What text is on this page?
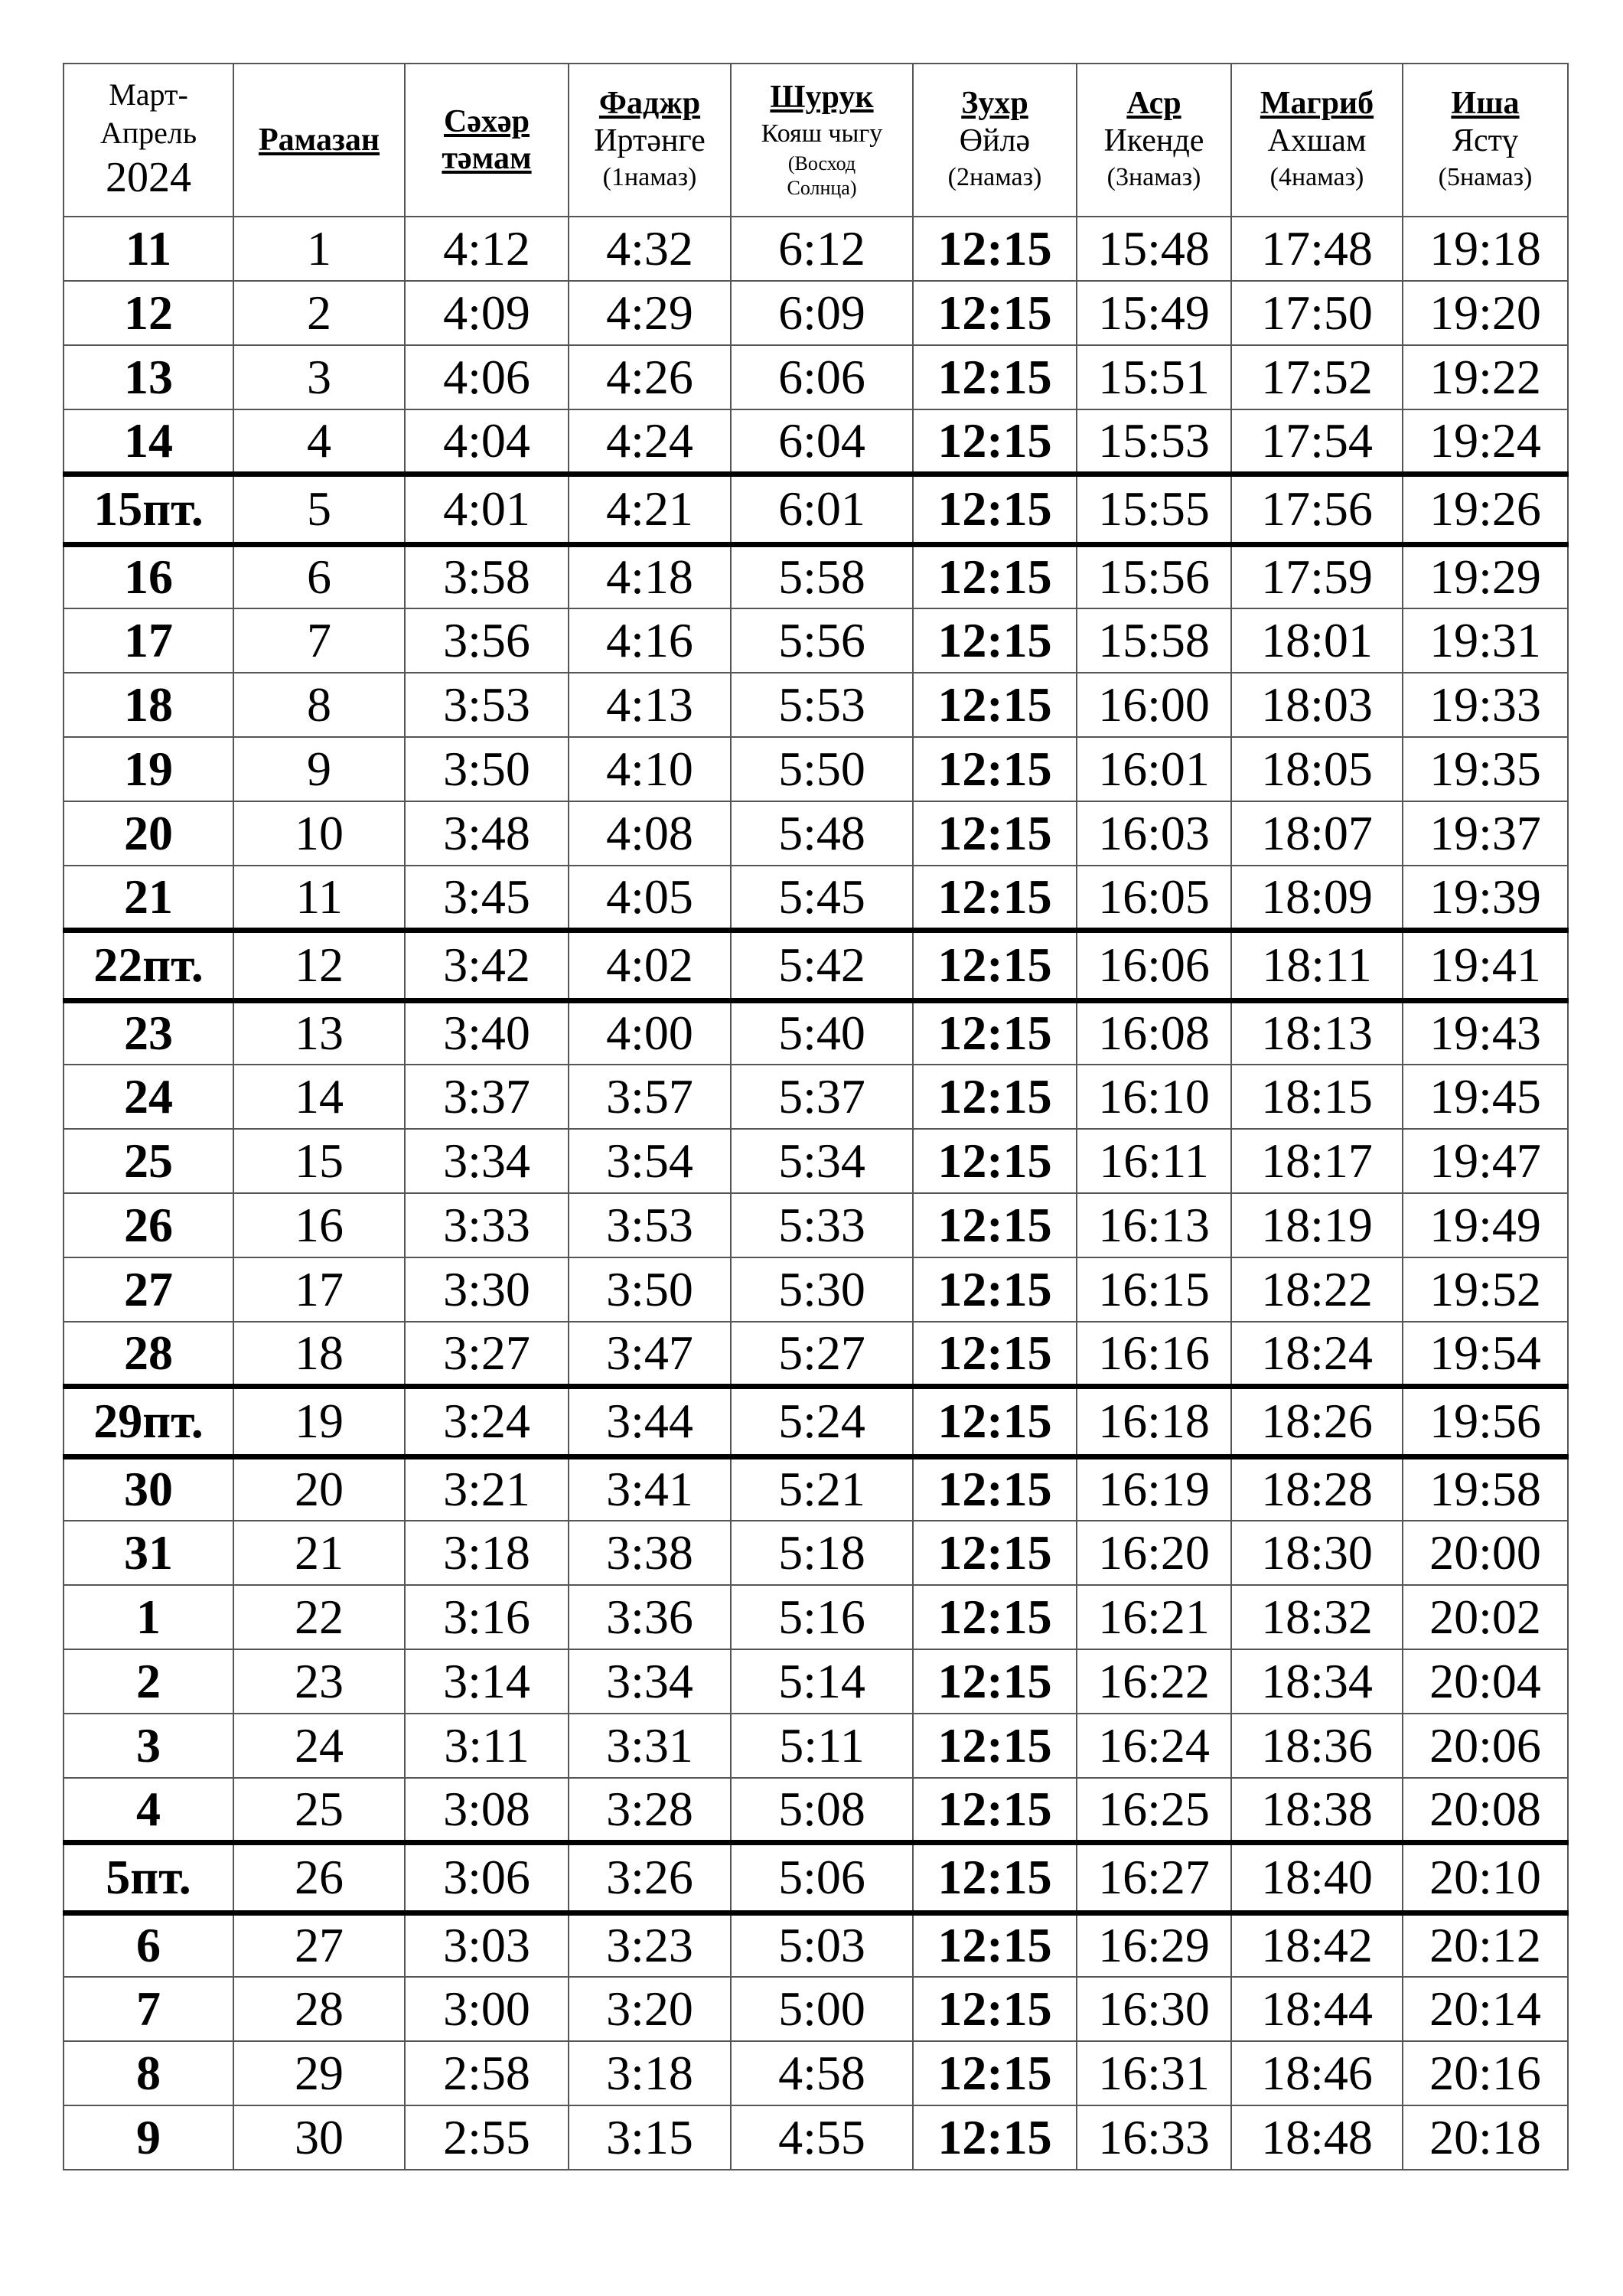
Март-
Апрель
2024	Рамазан	Сәхәр
тәмам	Фаджр
Иртәнге
(1намаз)	Шурук
Кояш чыгу
(Восход
Солнца)	Зухр
Өйлә
(2намаз)	Аср
Икенде
(3намаз)	Магриб
Ахшам
(4намаз)	Иша
Ястү
(5намаз)

11	1	4:12	4:32	6:12	12:15	15:48	17:48	19:18
12	2	4:09	4:29	6:09	12:15	15:49	17:50	19:20
13	3	4:06	4:26	6:06	12:15	15:51	17:52	19:22
14	4	4:04	4:24	6:04	12:15	15:53	17:54	19:24
15пт.	5	4:01	4:21	6:01	12:15	15:55	17:56	19:26
16	6	3:58	4:18	5:58	12:15	15:56	17:59	19:29
17	7	3:56	4:16	5:56	12:15	15:58	18:01	19:31
18	8	3:53	4:13	5:53	12:15	16:00	18:03	19:33
19	9	3:50	4:10	5:50	12:15	16:01	18:05	19:35
20	10	3:48	4:08	5:48	12:15	16:03	18:07	19:37
21	11	3:45	4:05	5:45	12:15	16:05	18:09	19:39
22пт.	12	3:42	4:02	5:42	12:15	16:06	18:11	19:41
23	13	3:40	4:00	5:40	12:15	16:08	18:13	19:43
24	14	3:37	3:57	5:37	12:15	16:10	18:15	19:45
25	15	3:34	3:54	5:34	12:15	16:11	18:17	19:47
26	16	3:33	3:53	5:33	12:15	16:13	18:19	19:49
27	17	3:30	3:50	5:30	12:15	16:15	18:22	19:52
28	18	3:27	3:47	5:27	12:15	16:16	18:24	19:54
29пт.	19	3:24	3:44	5:24	12:15	16:18	18:26	19:56
30	20	3:21	3:41	5:21	12:15	16:19	18:28	19:58
31	21	3:18	3:38	5:18	12:15	16:20	18:30	20:00
1	22	3:16	3:36	5:16	12:15	16:21	18:32	20:02
2	23	3:14	3:34	5:14	12:15	16:22	18:34	20:04
3	24	3:11	3:31	5:11	12:15	16:24	18:36	20:06
4	25	3:08	3:28	5:08	12:15	16:25	18:38	20:08
5пт.	26	3:06	3:26	5:06	12:15	16:27	18:40	20:10
6	27	3:03	3:23	5:03	12:15	16:29	18:42	20:12
7	28	3:00	3:20	5:00	12:15	16:30	18:44	20:14
8	29	2:58	3:18	4:58	12:15	16:31	18:46	20:16
9	30	2:55	3:15	4:55	12:15	16:33	18:48	20:18
